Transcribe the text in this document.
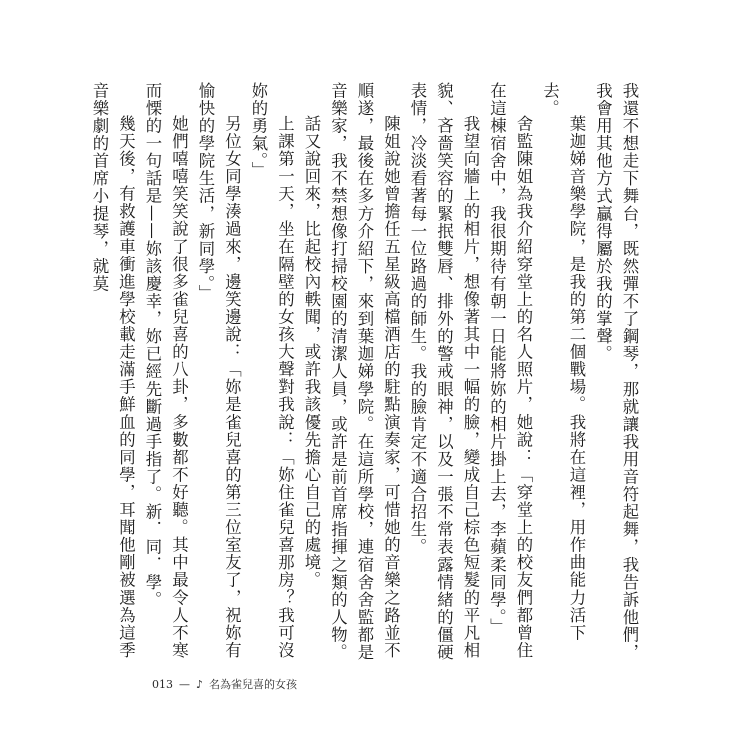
我還不想走下舞台，既然彈不了鋼琴，那就讓我用音符起舞，我告訴他們，我會用其他方式贏得屬於我的掌聲。

葉迦娣音樂學院，是我的第二個戰場。我將在這裡，用作曲能力活下去。

舍監陳姐為我介紹穿堂上的名人照片，她說：「穿堂上的校友們都曾住在這棟宿舍中，我很期待有朝一日能將妳的相片掛上去，李蘋柔同學。」

我望向牆上的相片，想像著其中一幅的臉，變成自己棕色短髮的平凡相貌、吝嗇笑容的緊抿雙唇、排外的警戒眼神，以及一張不常表露情緒的僵硬表情，冷淡看著每一位路過的師生。我的臉肯定不適合招生。

陳姐說她曾擔任五星級高檔酒店的駐點演奏家，可惜她的音樂之路並不順遂，最後在多方介紹下，來到葉迦娣學院。在這所學校，連宿舍舍監都是音樂家，我不禁想像打掃校園的清潔人員，或許是前首席指揮之類的人物。

話又說回來，比起校內軼聞，或許我該優先擔心自己的處境。

上課第一天，坐在隔壁的女孩大聲對我說：「妳住雀兒喜那房？我可沒妳的勇氣。」

另位女同學湊過來，邊笑邊說：「妳是雀兒喜的第三位室友了，祝妳有愉快的學院生活，新同學。」

她們嘻嘻笑笑說了很多雀兒喜的八卦，多數都不好聽。其中最令人不寒而慄的一句話是——妳該慶幸，妳已經先斷過手指了。新．同．學。

幾天後，有救護車衝進學校載走滿手鮮血的同學，耳聞他剛被選為這季音樂劇的首席小提琴，就莫

013 — ♪ 名為雀兒喜的女孩
